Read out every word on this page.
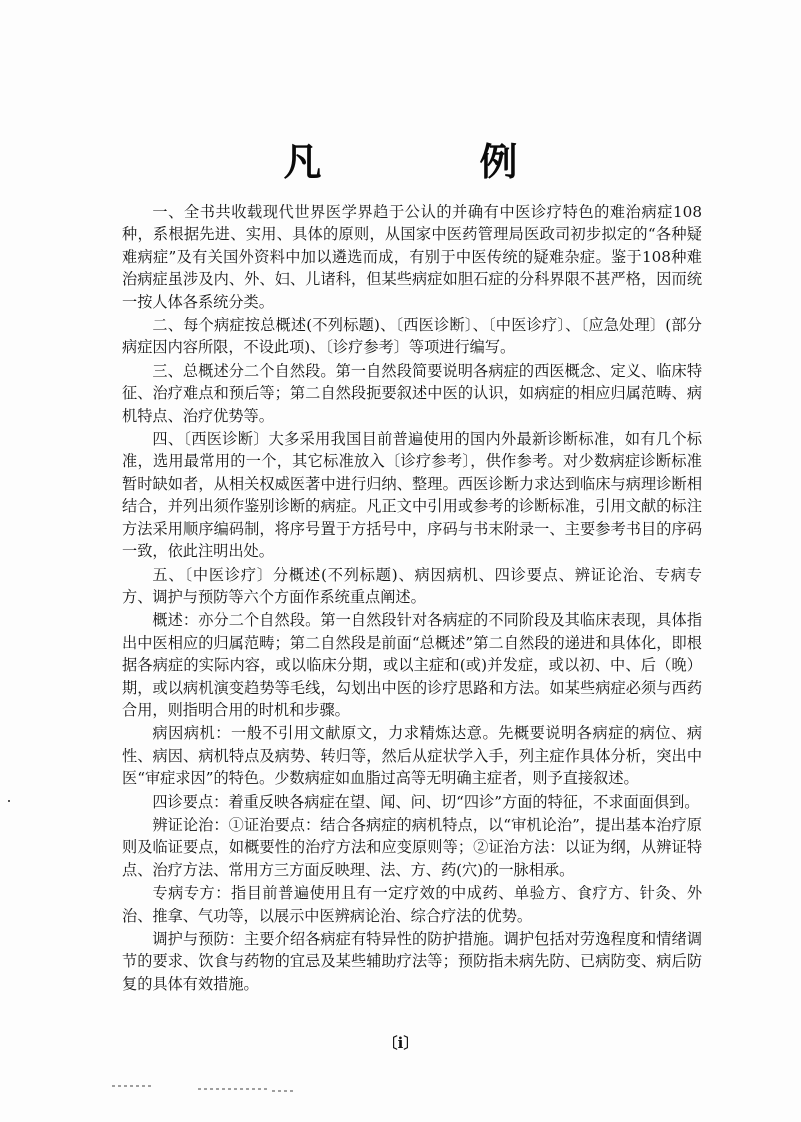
凡　例

一、全书共收载现代世界医学界趋于公认的并确有中医诊疗特色的难治病症108种，系根据先进、实用、具体的原则，从国家中医药管理局医政司初步拟定的“各种疑难病症”及有关国外资料中加以遴选而成，有别于中医传统的疑难杂症。鉴于108种难治病症虽涉及内、外、妇、儿诸科，但某些病症如胆石症的分科界限不甚严格，因而统一按人体各系统分类。

二、每个病症按总概述(不列标题)、〔西医诊断〕、〔中医诊疗〕、〔应急处理〕(部分病症因内容所限，不设此项)、〔诊疗参考〕等项进行编写。

三、总概述分二个自然段。第一自然段简要说明各病症的西医概念、定义、临床特征、治疗难点和预后等；第二自然段扼要叙述中医的认识，如病症的相应归属范畴、病机特点、治疗优势等。

四、〔西医诊断〕大多采用我国目前普遍使用的国内外最新诊断标准，如有几个标准，选用最常用的一个，其它标准放入〔诊疗参考〕，供作参考。对少数病症诊断标准暂时缺如者，从相关权威医著中进行归纳、整理。西医诊断力求达到临床与病理诊断相结合，并列出须作鉴别诊断的病症。凡正文中引用或参考的诊断标准，引用文献的标注方法采用顺序编码制，将序号置于方括号中，序码与书末附录一、主要参考书目的序码一致，依此注明出处。

五、〔中医诊疗〕分概述(不列标题)、病因病机、四诊要点、辨证论治、专病专方、调护与预防等六个方面作系统重点阐述。

概述：亦分二个自然段。第一自然段针对各病症的不同阶段及其临床表现，具体指出中医相应的归属范畴；第二自然段是前面“总概述”第二自然段的递进和具体化，即根据各病症的实际内容，或以临床分期，或以主症和(或)并发症，或以初、中、后（晚）期，或以病机演变趋势等毛线，勾划出中医的诊疗思路和方法。如某些病症必须与西药合用，则指明合用的时机和步骤。

病因病机：一般不引用文献原文，力求精炼达意。先概要说明各病症的病位、病性、病因、病机特点及病势、转归等，然后从症状学入手，列主症作具体分析，突出中医“审症求因”的特色。少数病症如血脂过高等无明确主症者，则予直接叙述。

四诊要点：着重反映各病症在望、闻、问、切“四诊”方面的特征，不求面面俱到。

辨证论治：①证治要点：结合各病症的病机特点，以“审机论治”，提出基本治疗原则及临证要点，如概要性的治疗方法和应变原则等；②证治方法：以证为纲，从辨证特点、治疗方法、常用方三方面反映理、法、方、药(穴)的一脉相承。

专病专方：指目前普遍使用且有一定疗效的中成药、单验方、食疗方、针灸、外治、推拿、气功等，以展示中医辨病论治、综合疗法的优势。

调护与预防：主要介绍各病症有特异性的防护措施。调护包括对劳逸程度和情绪调节的要求、饮食与药物的宜忌及某些辅助疗法等；预防指未病先防、已病防变、病后防复的具体有效措施。

〔i〕
